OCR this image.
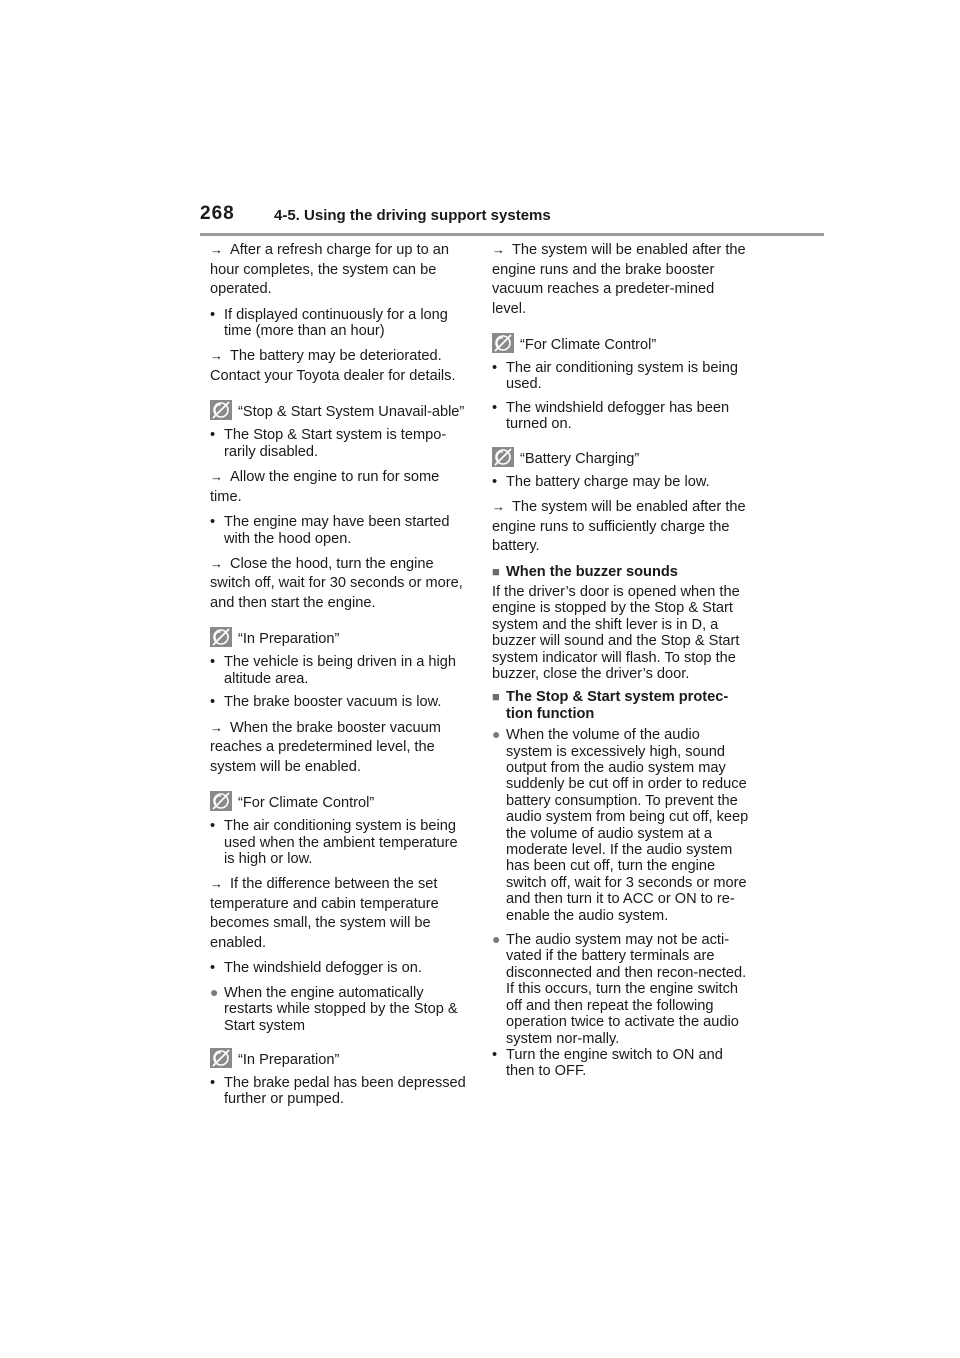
268	4-5. Using the driving support systems
→ After a refresh charge for up to an hour completes, the system can be operated.
• If displayed continuously for a long time (more than an hour)
→ The battery may be deteriorated. Contact your Toyota dealer for details.
“Stop & Start System Unavail-able”
• The Stop & Start system is tempo-rarily disabled.
→ Allow the engine to run for some time.
• The engine may have been started with the hood open.
→ Close the hood, turn the engine switch off, wait for 30 seconds or more, and then start the engine.
“In Preparation”
• The vehicle is being driven in a high altitude area.
• The brake booster vacuum is low.
→ When the brake booster vacuum reaches a predetermined level, the system will be enabled.
“For Climate Control”
• The air conditioning system is being used when the ambient temperature is high or low.
→ If the difference between the set temperature and cabin temperature becomes small, the system will be enabled.
• The windshield defogger is on.
● When the engine automatically restarts while stopped by the Stop & Start system
“In Preparation”
• The brake pedal has been depressed further or pumped.
→ The system will be enabled after the engine runs and the brake booster vacuum reaches a predeter-mined level.
“For Climate Control”
• The air conditioning system is being used.
• The windshield defogger has been turned on.
“Battery Charging”
• The battery charge may be low.
→ The system will be enabled after the engine runs to sufficiently charge the battery.
■ When the buzzer sounds
If the driver’s door is opened when the engine is stopped by the Stop & Start system and the shift lever is in D, a buzzer will sound and the Stop & Start system indicator will flash. To stop the buzzer, close the driver’s door.
■ The Stop & Start system protec-tion function
● When the volume of the audio system is excessively high, sound output from the audio system may suddenly be cut off in order to reduce battery consumption. To prevent the audio system from being cut off, keep the volume of audio system at a moderate level. If the audio system has been cut off, turn the engine switch off, wait for 3 seconds or more and then turn it to ACC or ON to re-enable the audio system.
● The audio system may not be acti-vated if the battery terminals are disconnected and then recon-nected. If this occurs, turn the engine switch off and then repeat the following operation twice to activate the audio system nor-mally.
• Turn the engine switch to ON and then to OFF.
